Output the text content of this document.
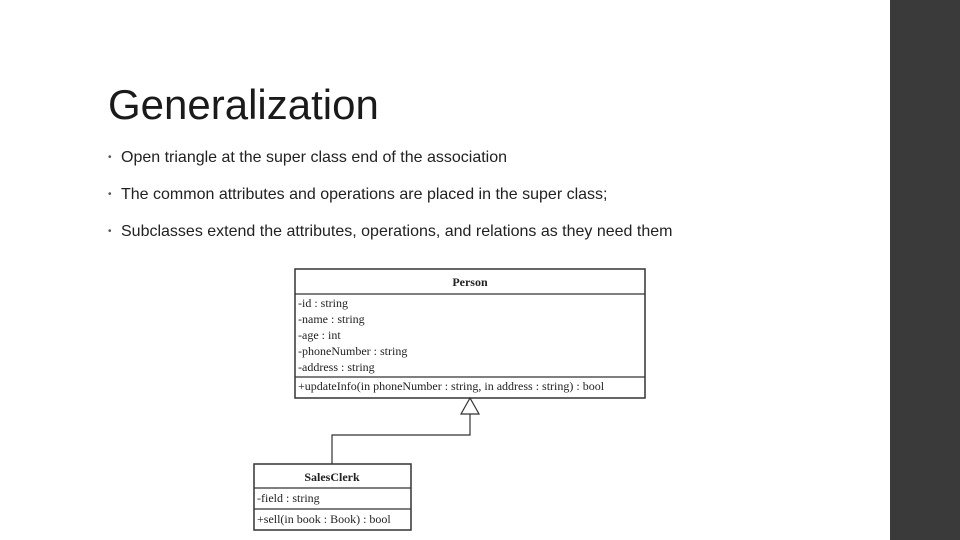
Generalization
• Open triangle at the super class end of the association
• The common attributes and operations are placed in the super class;
• Subclasses extend the attributes, operations, and relations as they need them
Person
-id : string
-name : string
-age : int
-phoneNumber : string
-address : string
+updateInfo(in phoneNumber : string, in address : string) : bool
SalesClerk
-field : string
+sell(in book : Book) : bool
